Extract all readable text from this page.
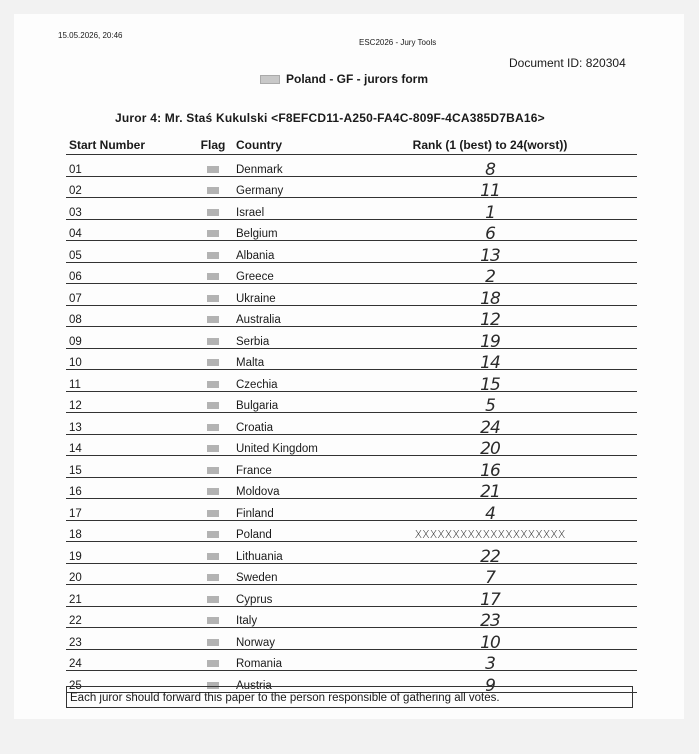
15.05.2026, 20:46
ESC2026 - Jury Tools
Document ID: 820304
Poland - GF - jurors form
Juror 4: Mr. Staś Kukulski <F8EFCD11-A250-FA4C-809F-4CA385D7BA16>
Start Number	Flag	Country	Rank (1 (best) to 24(worst))
01		Denmark	8
02		Germany	11
03		Israel	1
04		Belgium	6
05		Albania	13
06		Greece	2
07		Ukraine	18
08		Australia	12
09		Serbia	19
10		Malta	14
11		Czechia	15
12		Bulgaria	5
13		Croatia	24
14		United Kingdom	20
15		France	16
16		Moldova	21
17		Finland	4
18		Poland	XXXXXXXXXXXXXXXXXXXX
19		Lithuania	22
20		Sweden	7
21		Cyprus	17
22		Italy	23
23		Norway	10
24		Romania	3
25		Austria	9
Each juror should forward this paper to the person responsible of gathering all votes.
